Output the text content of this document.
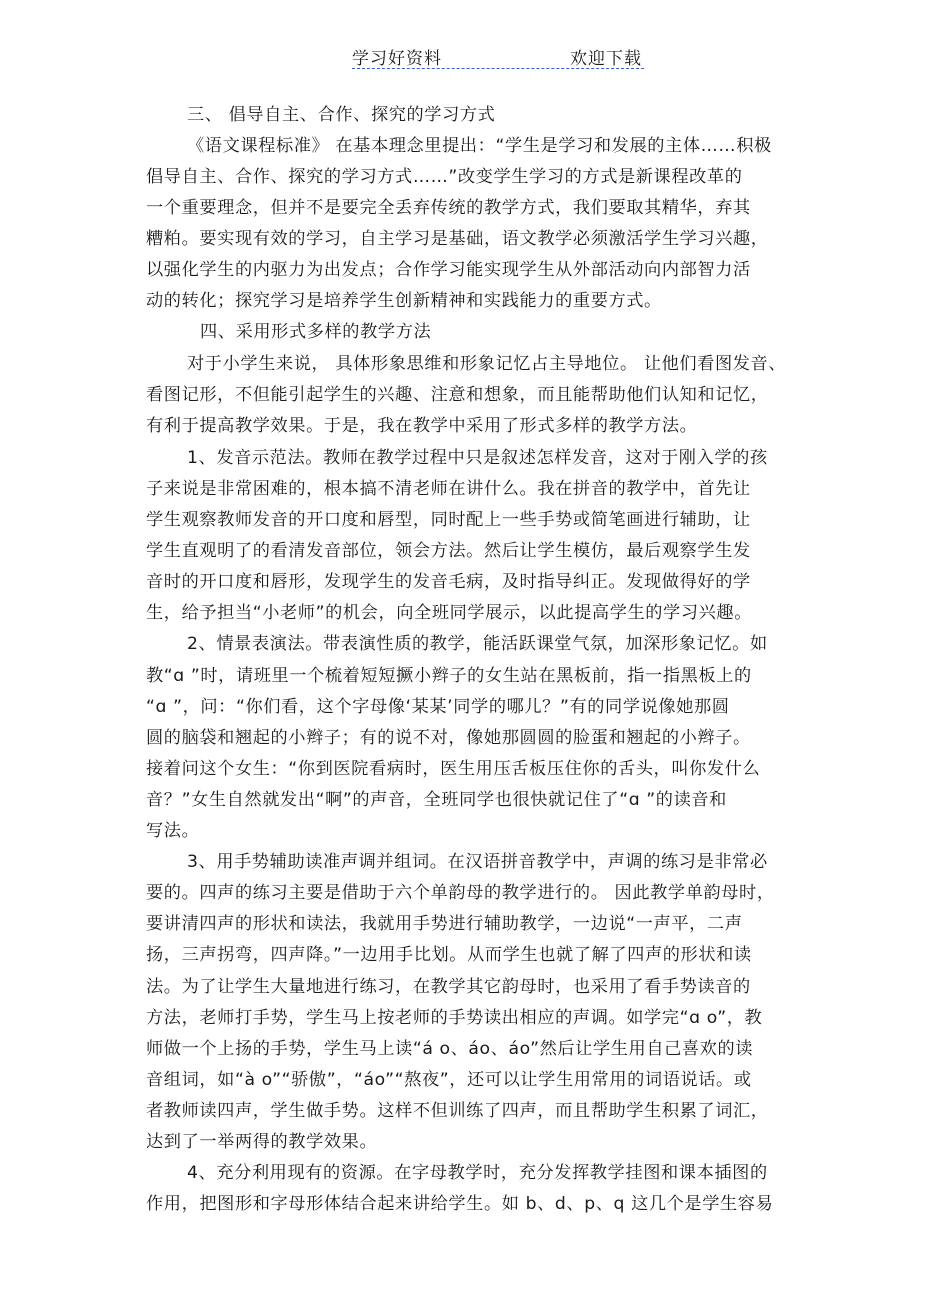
学习好资料	欢迎下载
三、 倡导自主、合作、探究的学习方式
《语文课程标准》 在基本理念里提出：“学生是学习和发展的主体……积极
倡导自主、合作、探究的学习方式……”改变学生学习的方式是新课程改革的
一个重要理念，但并不是要完全丢弃传统的教学方式，我们要取其精华，弃其
糟粕。要实现有效的学习，自主学习是基础，语文教学必须激活学生学习兴趣，
以强化学生的内驱力为出发点；合作学习能实现学生从外部活动向内部智力活
动的转化；探究学习是培养学生创新精神和实践能力的重要方式。
四、采用形式多样的教学方法
对于小学生来说， 具体形象思维和形象记忆占主导地位。 让他们看图发音、
看图记形，不但能引起学生的兴趣、注意和想象，而且能帮助他们认知和记忆，
有利于提高教学效果。于是，我在教学中采用了形式多样的教学方法。
1、发音示范法。教师在教学过程中只是叙述怎样发音，这对于刚入学的孩
子来说是非常困难的，根本搞不清老师在讲什么。我在拼音的教学中，首先让
学生观察教师发音的开口度和唇型，同时配上一些手势或简笔画进行辅助，让
学生直观明了的看清发音部位，领会方法。然后让学生模仿，最后观察学生发
音时的开口度和唇形，发现学生的发音毛病，及时指导纠正。发现做得好的学
生，给予担当“小老师”的机会，向全班同学展示，以此提高学生的学习兴趣。
2、情景表演法。带表演性质的教学，能活跃课堂气氛，加深形象记忆。如
教“ɑ ”时，请班里一个梳着短短撅小辫子的女生站在黑板前，指一指黑板上的
“ɑ ”，问：“你们看，这个字母像‘某某’同学的哪儿？”有的同学说像她那圆
圆的脑袋和翘起的小辫子；有的说不对，像她那圆圆的脸蛋和翘起的小辫子。
接着问这个女生：“你到医院看病时，医生用压舌板压住你的舌头，叫你发什么
音？”女生自然就发出“啊”的声音，全班同学也很快就记住了“ɑ ”的读音和
写法。
3、用手势辅助读准声调并组词。在汉语拼音教学中，声调的练习是非常必
要的。四声的练习主要是借助于六个单韵母的教学进行的。 因此教学单韵母时，
要讲清四声的形状和读法，我就用手势进行辅助教学，一边说“一声平，二声
扬，三声拐弯，四声降。”一边用手比划。从而学生也就了解了四声的形状和读
法。为了让学生大量地进行练习，在教学其它韵母时，也采用了看手势读音的
方法，老师打手势，学生马上按老师的手势读出相应的声调。如学完“ɑ o”，教
师做一个上扬的手势，学生马上读“á o、áo、áo”然后让学生用自己喜欢的读
音组词，如“à o”“骄傲”，“áo”“熬夜”，还可以让学生用常用的词语说话。或
者教师读四声，学生做手势。这样不但训练了四声，而且帮助学生积累了词汇，
达到了一举两得的教学效果。
4、充分利用现有的资源。在字母教学时，充分发挥教学挂图和课本插图的
作用，把图形和字母形体结合起来讲给学生。如 b、d、p、q 这几个是学生容易
